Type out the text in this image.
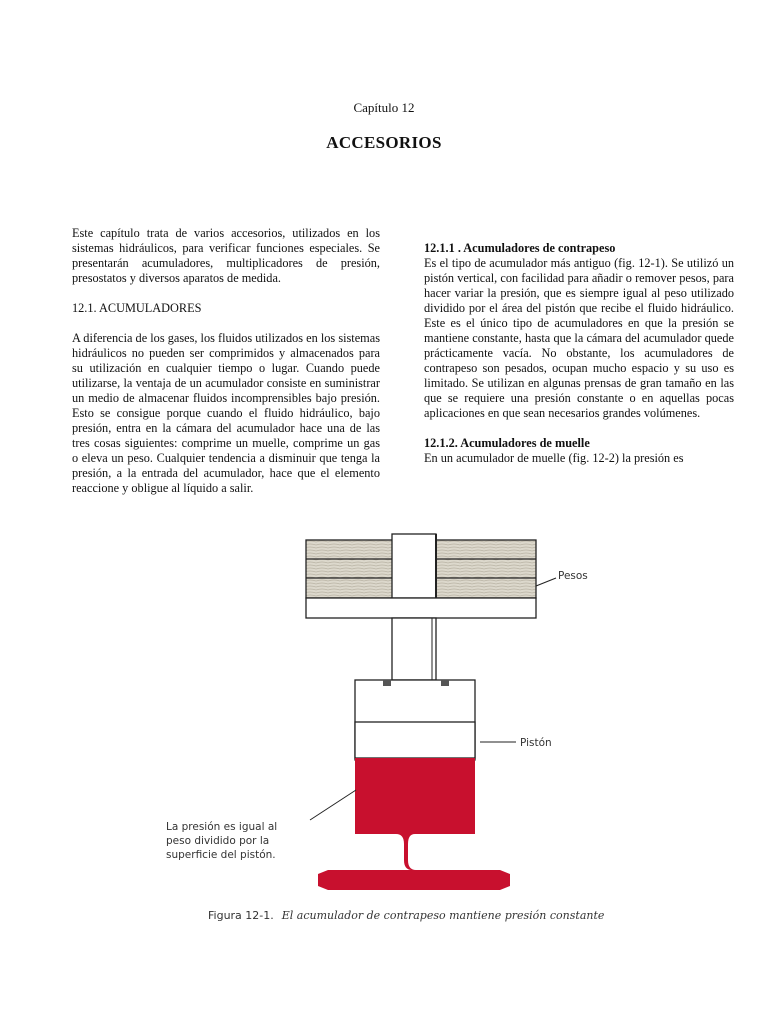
Capítulo 12
ACCESORIOS

Este capítulo trata de varios accesorios, utilizados en los sistemas hidráulicos, para verificar funciones especiales. Se presentarán acumuladores, multiplicadores de presión, presostatos y diversos aparatos de medida.

12.1. ACUMULADORES

A diferencia de los gases, los fluidos utilizados en los sistemas hidráulicos no pueden ser comprimidos y almacenados para su utilización en cualquier tiempo o lugar. Cuando puede utilizarse, la ventaja de un acumulador consiste en suministrar un medio de almacenar fluidos incomprensibles bajo presión. Esto se consigue porque cuando el fluido hidráulico, bajo presión, entra en la cámara del acumulador hace una de las tres cosas siguientes: comprime un muelle, comprime un gas o eleva un peso. Cualquier tendencia a disminuir que tenga la presión, a la entrada del acumulador, hace que el elemento reaccione y obligue al líquido a salir.

12.1.1 . Acumuladores de contrapeso

Es el tipo de acumulador más antiguo (fig. 12-1). Se utilizó un pistón vertical, con facilidad para añadir o remover pesos, para hacer variar la presión, que es siempre igual al peso utilizado dividido por el área del pistón que recibe el fluido hidráulico. Este es el único tipo de acumuladores en que la presión se mantiene constante, hasta que la cámara del acumulador quede prácticamente vacía. No obstante, los acumuladores de contrapeso son pesados, ocupan mucho espacio y su uso es limitado. Se utilizan en algunas prensas de gran tamaño en las que se requiere una presión constante o en aquellas pocas aplicaciones en que sean necesarios grandes volúmenes.

12.1.2. Acumuladores de muelle

En un acumulador de muelle (fig. 12-2) la presión es

Pesos
Pistón
La presión es igual al
peso dividido por la
superficie del pistón.
Figura 12-1. El acumulador de contrapeso mantiene presión constante
